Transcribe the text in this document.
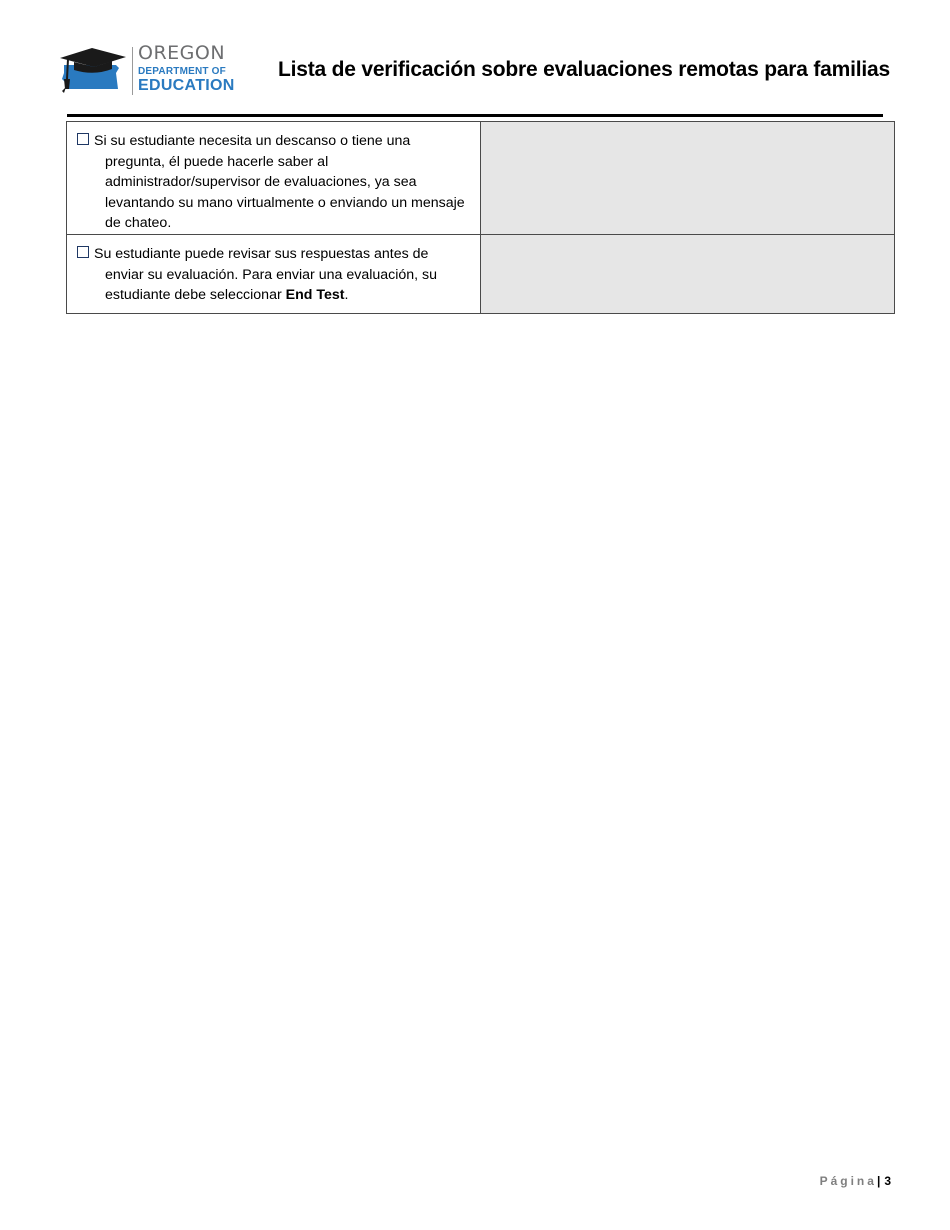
OREGON
DEPARTMENT OF
EDUCATION
Lista de verificación sobre evaluaciones remotas para familias
Si su estudiante necesita un descanso o tiene una pregunta, él puede hacerle saber al administrador/supervisor de evaluaciones, ya sea levantando su mano virtualmente o enviando un mensaje de chateo.	

Su estudiante puede revisar sus respuestas antes de enviar su evaluación. Para enviar una evaluación, su estudiante debe seleccionar End Test.	

Página| 3
